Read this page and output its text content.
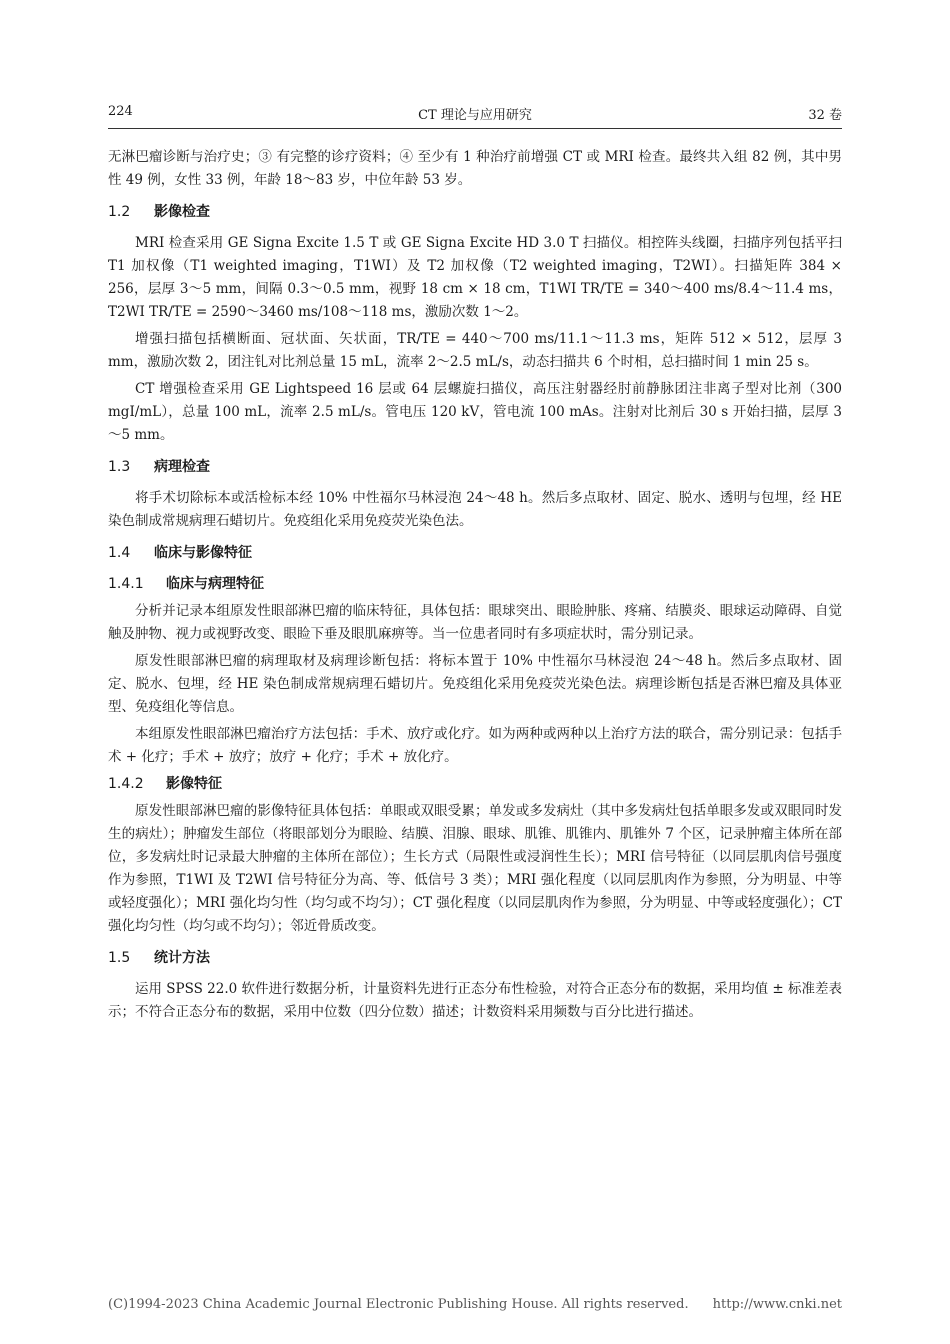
224	CT 理论与应用研究	32 卷

无淋巴瘤诊断与治疗史；③ 有完整的诊疗资料；④ 至少有 1 种治疗前增强 CT 或 MRI 检查。最终共入组 82 例，其中男性 49 例，女性 33 例，年龄 18～83 岁，中位年龄 53 岁。

1.2 影像检查

MRI 检查采用 GE Signa Excite 1.5 T 或 GE Signa Excite HD 3.0 T 扫描仪。相控阵头线圈，扫描序列包括平扫 T1 加权像（T1 weighted imaging，T1WI）及 T2 加权像（T2 weighted imaging，T2WI）。扫描矩阵 384 × 256，层厚 3～5 mm，间隔 0.3～0.5 mm，视野 18 cm × 18 cm，T1WI TR/TE = 340～400 ms/8.4～11.4 ms，T2WI TR/TE = 2590～3460 ms/108～118 ms，激励次数 1～2。

增强扫描包括横断面、冠状面、矢状面，TR/TE = 440～700 ms/11.1～11.3 ms，矩阵 512 × 512，层厚 3 mm，激励次数 2，团注钆对比剂总量 15 mL，流率 2～2.5 mL/s，动态扫描共 6 个时相，总扫描时间 1 min 25 s。

CT 增强检查采用 GE Lightspeed 16 层或 64 层螺旋扫描仪，高压注射器经肘前静脉团注非离子型对比剂（300 mgI/mL），总量 100 mL，流率 2.5 mL/s。管电压 120 kV，管电流 100 mAs。注射对比剂后 30 s 开始扫描，层厚 3～5 mm。

1.3 病理检查

将手术切除标本或活检标本经 10% 中性福尔马林浸泡 24～48 h。然后多点取材、固定、脱水、透明与包埋，经 HE 染色制成常规病理石蜡切片。免疫组化采用免疫荧光染色法。

1.4 临床与影像特征
1.4.1 临床与病理特征

分析并记录本组原发性眼部淋巴瘤的临床特征，具体包括：眼球突出、眼睑肿胀、疼痛、结膜炎、眼球运动障碍、自觉触及肿物、视力或视野改变、眼睑下垂及眼肌麻痹等。当一位患者同时有多项症状时，需分别记录。

原发性眼部淋巴瘤的病理取材及病理诊断包括：将标本置于 10% 中性福尔马林浸泡 24～48 h。然后多点取材、固定、脱水、包埋，经 HE 染色制成常规病理石蜡切片。免疫组化采用免疫荧光染色法。病理诊断包括是否淋巴瘤及具体亚型、免疫组化等信息。

本组原发性眼部淋巴瘤治疗方法包括：手术、放疗或化疗。如为两种或两种以上治疗方法的联合，需分别记录：包括手术 + 化疗；手术 + 放疗；放疗 + 化疗；手术 + 放化疗。

1.4.2 影像特征

原发性眼部淋巴瘤的影像特征具体包括：单眼或双眼受累；单发或多发病灶（其中多发病灶包括单眼多发或双眼同时发生的病灶）；肿瘤发生部位（将眼部划分为眼睑、结膜、泪腺、眼球、肌锥、肌锥内、肌锥外 7 个区，记录肿瘤主体所在部位，多发病灶时记录最大肿瘤的主体所在部位）；生长方式（局限性或浸润性生长）；MRI 信号特征（以同层肌肉信号强度作为参照，T1WI 及 T2WI 信号特征分为高、等、低信号 3 类）；MRI 强化程度（以同层肌肉作为参照，分为明显、中等或轻度强化）；MRI 强化均匀性（均匀或不均匀）；CT 强化程度（以同层肌肉作为参照，分为明显、中等或轻度强化）；CT 强化均匀性（均匀或不均匀）；邻近骨质改变。

1.5 统计方法

运用 SPSS 22.0 软件进行数据分析，计量资料先进行正态分布性检验，对符合正态分布的数据，采用均值 ± 标准差表示；不符合正态分布的数据，采用中位数（四分位数）描述；计数资料采用频数与百分比进行描述。

(C)1994-2023 China Academic Journal Electronic Publishing House. All rights reserved. http://www.cnki.net
